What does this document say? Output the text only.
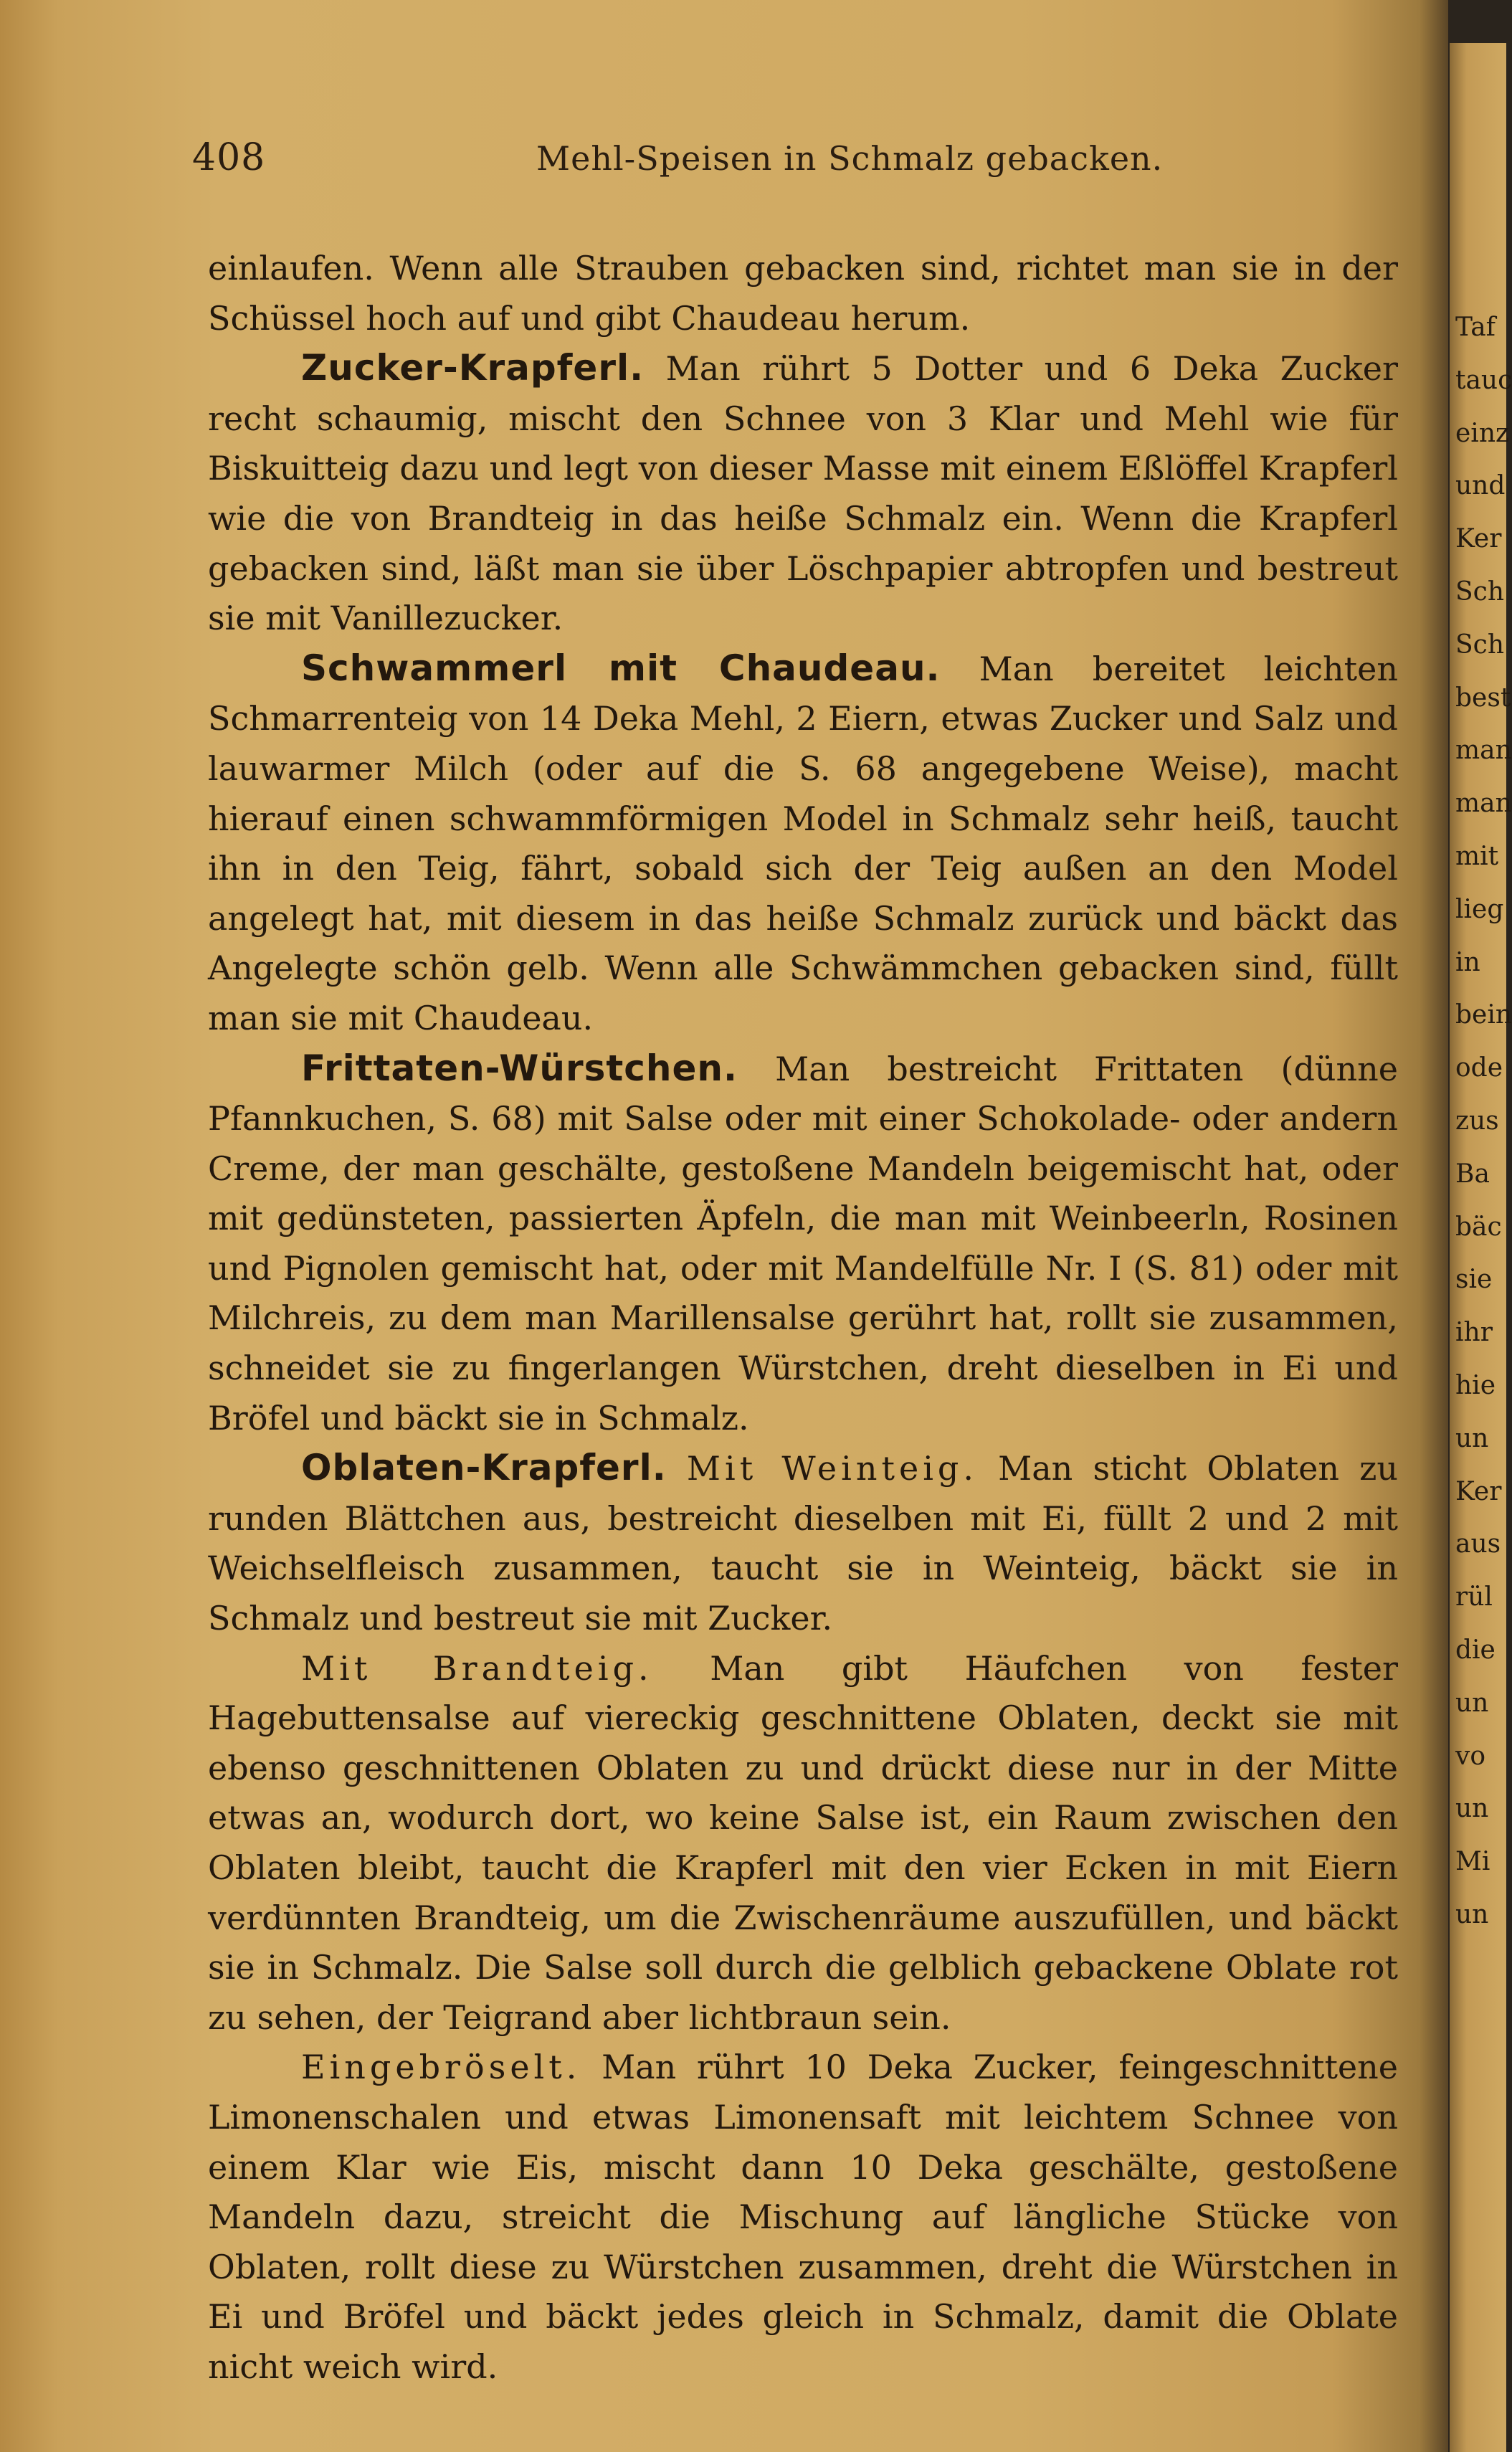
Taf
tauc
einz
und
Ker
Sch
Sch
best
man
man
mit
lieg
in
bein
ode
zus
Ba
bäc
sie
ihr
hie
un
Ker
aus
rül
die
un
vo
un
Mi
un
408	Mehl-Speisen in Schmalz gebacken.

einlaufen. Wenn alle Strauben gebacken sind, richtet man sie in der Schüssel hoch auf und gibt Chaudeau herum.

Zucker-Krapferl. Man rührt 5 Dotter und 6 Deka Zucker recht schaumig, mischt den Schnee von 3 Klar und Mehl wie für Biskuitteig dazu und legt von dieser Masse mit einem Eßlöffel Krapferl wie die von Brandteig in das heiße Schmalz ein. Wenn die Krapferl gebacken sind, läßt man sie über Löschpapier abtropfen und bestreut sie mit Vanillezucker.

Schwammerl mit Chaudeau. Man bereitet leichten Schmarrenteig von 14 Deka Mehl, 2 Eiern, etwas Zucker und Salz und lauwarmer Milch (oder auf die S. 68 angegebene Weise), macht hierauf einen schwammförmigen Model in Schmalz sehr heiß, taucht ihn in den Teig, fährt, sobald sich der Teig außen an den Model angelegt hat, mit diesem in das heiße Schmalz zurück und bäckt das Angelegte schön gelb. Wenn alle Schwämmchen gebacken sind, füllt man sie mit Chaudeau.

Frittaten-Würstchen. Man bestreicht Frittaten (dünne Pfannkuchen, S. 68) mit Salse oder mit einer Schokolade- oder andern Creme, der man geschälte, gestoßene Mandeln beigemischt hat, oder mit gedünsteten, passierten Äpfeln, die man mit Weinbeerln, Rosinen und Pignolen gemischt hat, oder mit Mandelfülle Nr. I (S. 81) oder mit Milchreis, zu dem man Marillensalse gerührt hat, rollt sie zusammen, schneidet sie zu fingerlangen Würstchen, dreht dieselben in Ei und Bröfel und bäckt sie in Schmalz.

Oblaten-Krapferl. Mit Weinteig. Man sticht Oblaten zu runden Blättchen aus, bestreicht dieselben mit Ei, füllt 2 und 2 mit Weichselfleisch zusammen, taucht sie in Weinteig, bäckt sie in Schmalz und bestreut sie mit Zucker.

Mit Brandteig. Man gibt Häufchen von fester Hagebuttensalse auf viereckig geschnittene Oblaten, deckt sie mit ebenso geschnittenen Oblaten zu und drückt diese nur in der Mitte etwas an, wodurch dort, wo keine Salse ist, ein Raum zwischen den Oblaten bleibt, taucht die Krapferl mit den vier Ecken in mit Eiern verdünnten Brandteig, um die Zwischenräume auszufüllen, und bäckt sie in Schmalz. Die Salse soll durch die gelblich gebackene Oblate rot zu sehen, der Teigrand aber lichtbraun sein.

Eingebröselt. Man rührt 10 Deka Zucker, feingeschnittene Limonenschalen und etwas Limonensaft mit leichtem Schnee von einem Klar wie Eis, mischt dann 10 Deka geschälte, gestoßene Mandeln dazu, streicht die Mischung auf längliche Stücke von Oblaten, rollt diese zu Würstchen zusammen, dreht die Würstchen in Ei und Bröfel und bäckt jedes gleich in Schmalz, damit die Oblate nicht weich wird.
